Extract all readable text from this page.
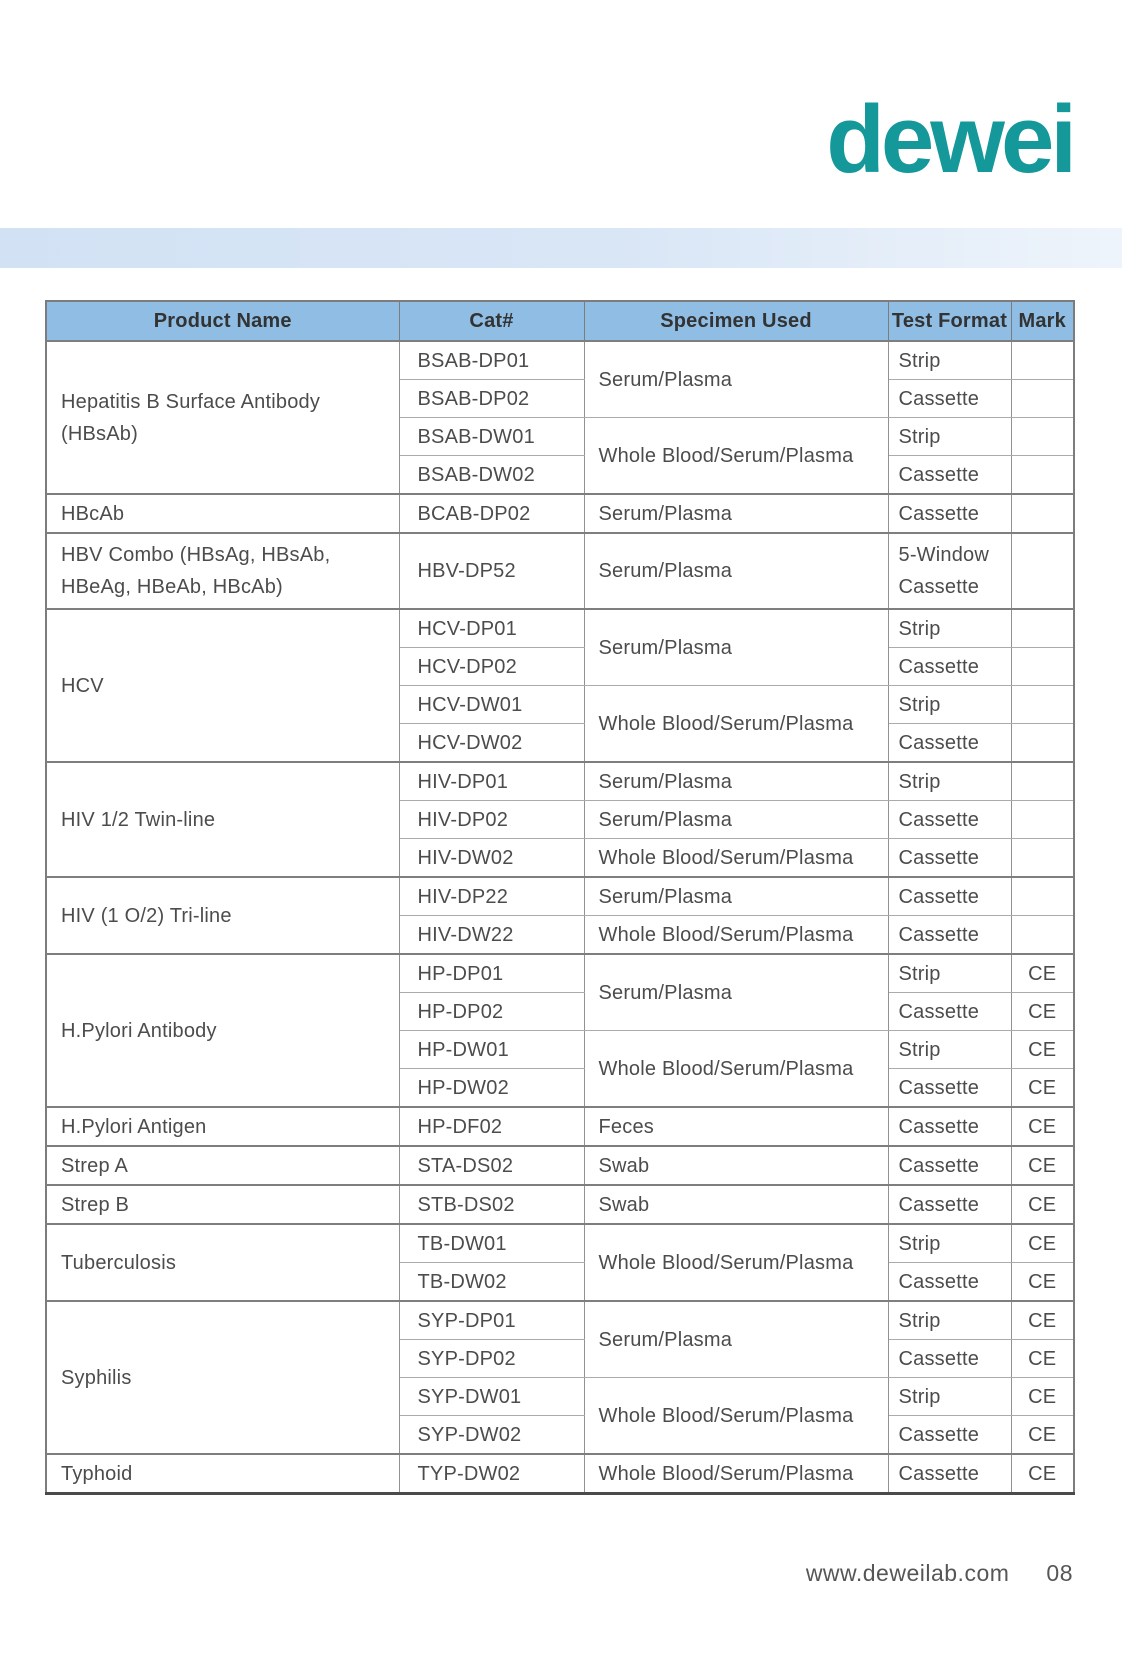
dewei
Product Name	Cat#	Specimen Used	Test Format	Mark
Hepatitis B Surface Antibody (HBsAb)	BSAB-DP01	Serum/Plasma	Strip	
	BSAB-DP02		Cassette	
	BSAB-DW01	Whole Blood/Serum/Plasma	Strip	
	BSAB-DW02		Cassette	
HBcAb	BCAB-DP02	Serum/Plasma	Cassette	
HBV Combo (HBsAg, HBsAb, HBeAg, HBeAb, HBcAb)	HBV-DP52	Serum/Plasma	5-Window Cassette	
HCV	HCV-DP01	Serum/Plasma	Strip	
	HCV-DP02		Cassette	
	HCV-DW01	Whole Blood/Serum/Plasma	Strip	
	HCV-DW02		Cassette	
HIV 1/2 Twin-line	HIV-DP01	Serum/Plasma	Strip	
	HIV-DP02	Serum/Plasma	Cassette	
	HIV-DW02	Whole Blood/Serum/Plasma	Cassette	
HIV (1 O/2) Tri-line	HIV-DP22	Serum/Plasma	Cassette	
	HIV-DW22	Whole Blood/Serum/Plasma	Cassette	
H.Pylori Antibody	HP-DP01	Serum/Plasma	Strip	CE
	HP-DP02		Cassette	CE
	HP-DW01	Whole Blood/Serum/Plasma	Strip	CE
	HP-DW02		Cassette	CE
H.Pylori Antigen	HP-DF02	Feces	Cassette	CE
Strep A	STA-DS02	Swab	Cassette	CE
Strep B	STB-DS02	Swab	Cassette	CE
Tuberculosis	TB-DW01	Whole Blood/Serum/Plasma	Strip	CE
	TB-DW02		Cassette	CE
Syphilis	SYP-DP01	Serum/Plasma	Strip	CE
	SYP-DP02		Cassette	CE
	SYP-DW01	Whole Blood/Serum/Plasma	Strip	CE
	SYP-DW02		Cassette	CE
Typhoid	TYP-DW02	Whole Blood/Serum/Plasma	Cassette	CE
www.deweilab.com 08
